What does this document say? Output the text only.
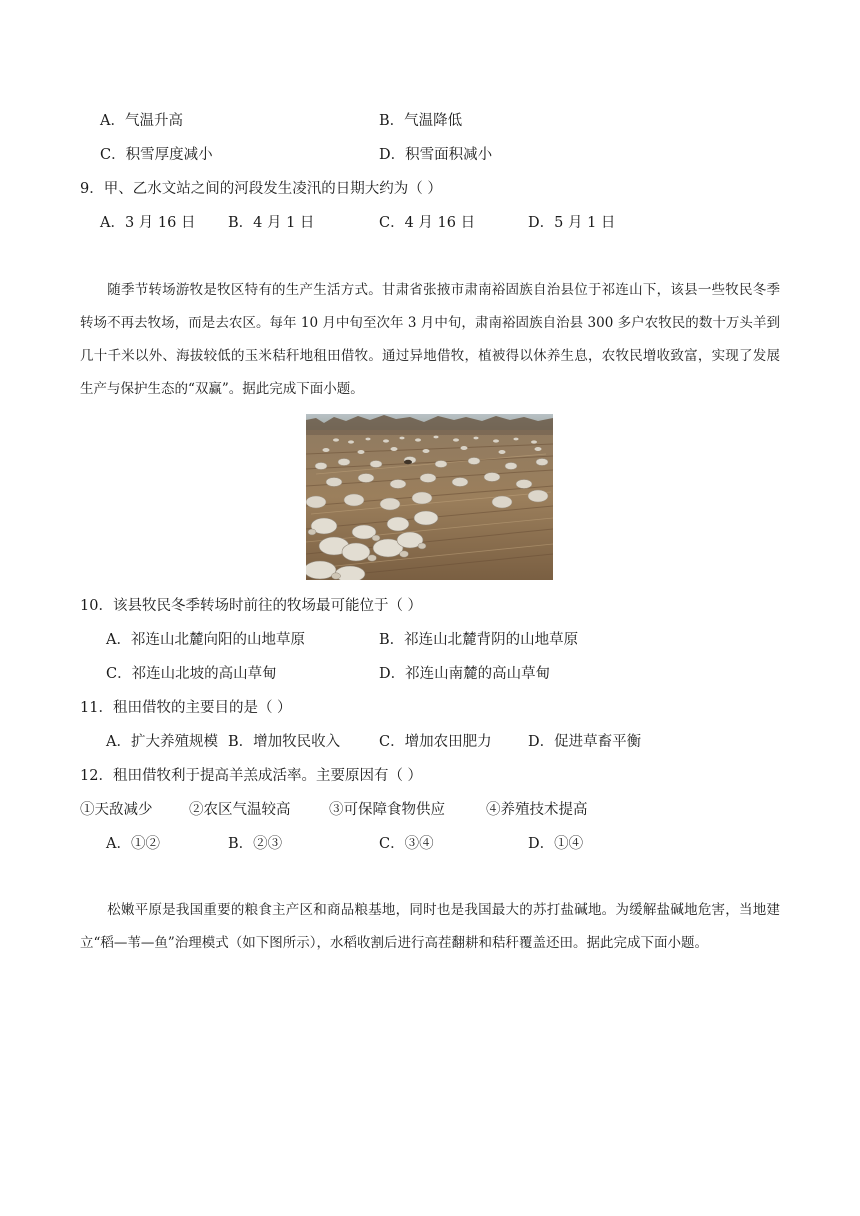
A．气温升高	B．气温降低
C．积雪厚度减小	D．积雪面积减小
9．甲、乙水文站之间的河段发生凌汛的日期大约为（ ）
A．3 月 16 日 B．4 月 1 日	C．4 月 16 日	D．5 月 1 日
随季节转场游牧是牧区特有的生产生活方式。甘肃省张掖市肃南裕固族自治县位于祁连山下，该县一些牧民冬季转场不再去牧场，而是去农区。每年 10 月中旬至次年 3 月中旬，肃南裕固族自治县 300 多户农牧民的数十万头羊到几十千米以外、海拔较低的玉米秸秆地租田借牧。通过异地借牧，植被得以休养生息，农牧民增收致富，实现了发展生产与保护生态的“双赢”。据此完成下面小题。
10．该县牧民冬季转场时前往的牧场最可能位于（ ）
A．祁连山北麓向阳的山地草原	B．祁连山北麓背阴的山地草原
C．祁连山北坡的高山草甸	D．祁连山南麓的高山草甸
11．租田借牧的主要目的是（ ）
A．扩大养殖规模 B．增加牧民收入	C．增加农田肥力	D．促进草畜平衡
12．租田借牧利于提高羊羔成活率。主要原因有（ ）
①天敌减少	②农区气温较高	③可保障食物供应	④养殖技术提高
A．①②	B．②③	C．③④	D．①④
松嫩平原是我国重要的粮食主产区和商品粮基地，同时也是我国最大的苏打盐碱地。为缓解盐碱地危害，当地建立“稻—苇—鱼”治理模式（如下图所示），水稻收割后进行高茬翻耕和秸秆覆盖还田。据此完成下面小题。
